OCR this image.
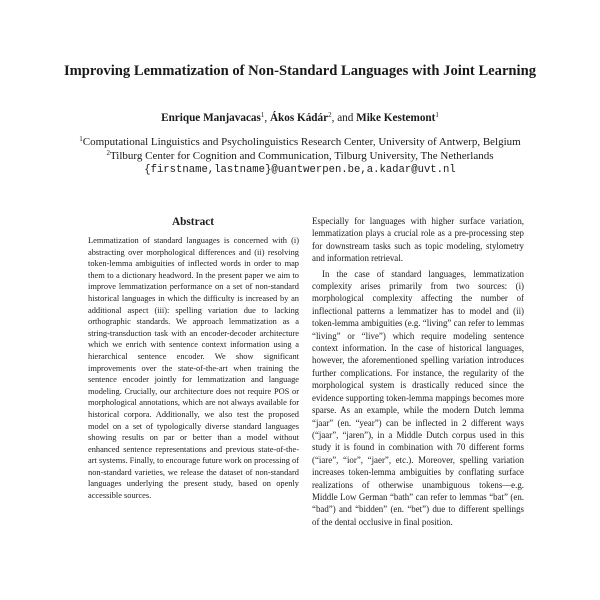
Improving Lemmatization of Non-Standard Languages with Joint Learning
Enrique Manjavacas$^1$, Ákos Kádár$^2$, and Mike Kestemont$^1$
$^1$Computational Linguistics and Psycholinguistics Research Center, University of Antwerp, Belgium
$^2$Tilburg Center for Cognition and Communication, Tilburg University, The Netherlands
{firstname,lastname}@uantwerpen.be,a.kadar@uvt.nl
Abstract
Lemmatization of standard languages is concerned with (i) abstracting over morphological differences and (ii) resolving token-lemma ambiguities of inflected words in order to map them to a dictionary headword. In the present paper we aim to improve lemmatization performance on a set of non-standard historical languages in which the difficulty is increased by an additional aspect (iii): spelling variation due to lacking orthographic standards. We approach lemmatization as a string-transduction task with an encoder-decoder architecture which we enrich with sentence context information using a hierarchical sentence encoder. We show significant improvements over the state-of-the-art when training the sentence encoder jointly for lemmatization and language modeling. Crucially, our architecture does not require POS or morphological annotations, which are not always available for historical corpora. Additionally, we also test the proposed model on a set of typologically diverse standard languages showing results on par or better than a model without enhanced sentence representations and previous state-of-the-art systems. Finally, to encourage future work on processing of non-standard varieties, we release the dataset of non-standard languages underlying the present study, based on openly accessible sources.

Especially for languages with higher surface variation, lemmatization plays a crucial role as a pre-processing step for downstream tasks such as topic modeling, stylometry and information retrieval.

In the case of standard languages, lemmatization complexity arises primarily from two sources: (i) morphological complexity affecting the number of inflectional patterns a lemmatizer has to model and (ii) token-lemma ambiguities (e.g. “living” can refer to lemmas “living” or “live”) which require modeling sentence context information. In the case of historical languages, however, the aforementioned spelling variation introduces further complications. For instance, the regularity of the morphological system is drastically reduced since the evidence supporting token-lemma mappings becomes more sparse. As an example, while the modern Dutch lemma “jaar” (en. “year”) can be inflected in 2 different ways (“jaar”, “jaren”), in a Middle Dutch corpus used in this study it is found in combination with 70 different forms (“iare”, “ior”, “jaer”, etc.). Moreover, spelling variation increases token-lemma ambiguities by conflating surface realizations of otherwise unambiguous tokens—e.g. Middle Low German “bath” can refer to lemmas “bat” (en. “bad”) and “bidden” (en. “bet”) due to different spellings of the dental occlusive in final position.
